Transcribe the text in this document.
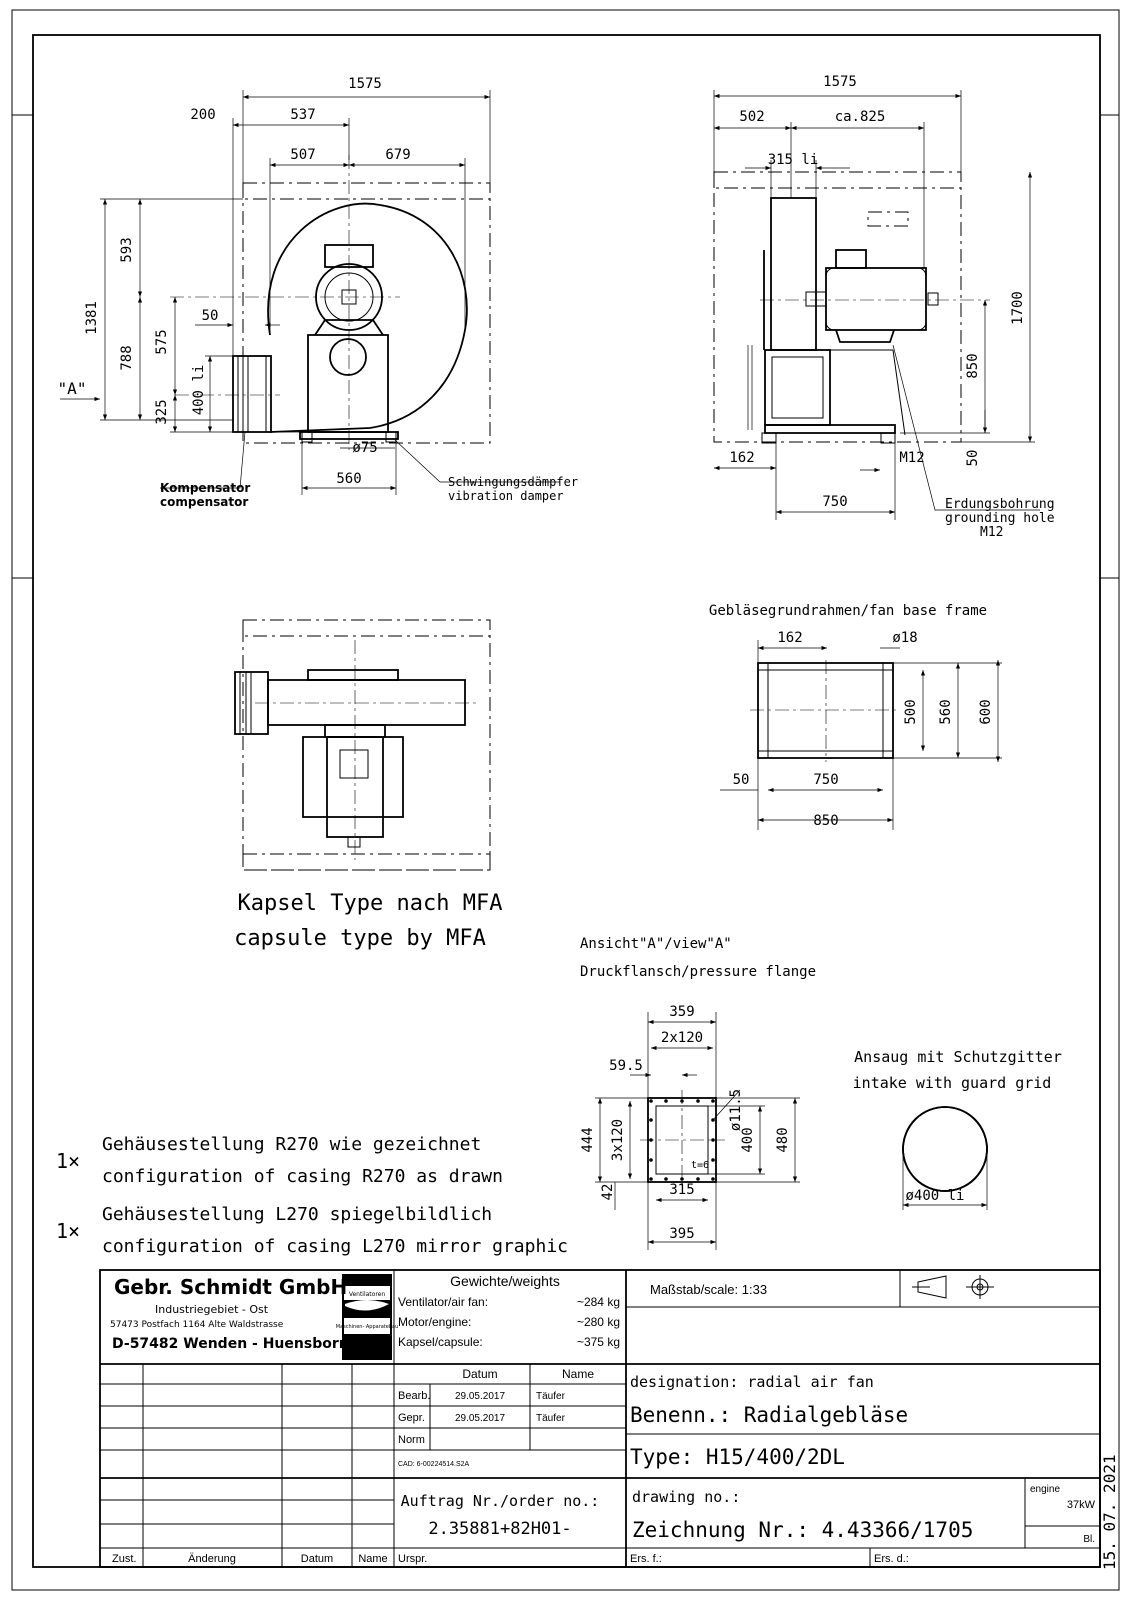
1575
200	537
507	679
593
1381
788
575
50
400 li
325
"A"
ø75
560
Kompensator
compensator
Schwingungsdämpfer
vibration damper
1575
502	ca.825
315 li
1700
850
50
162	M12
750	Erdungsbohrung
grounding hole
M12
Kapsel Type nach MFA
capsule type by MFA
Gebläsegrundrahmen/fan base frame
162	ø18
500 560 600
50	750
850
Ansicht"A"/view"A"
Druckflansch/pressure flange
359
2x120
59.5
ø11.5
444 3x120	400 480
42	315
t=6
395
Ansaug mit Schutzgitter
intake with guard grid
ø400 li
1×
Gehäusestellung R270 wie gezeichnet
configuration of casing R270 as drawn
1×
Gehäusestellung L270 spiegelbildlich
configuration of casing L270 mirror graphic
Ventilatoren
Maschinen- Apparatebau
Gebr. Schmidt GmbH
Industriegebiet - Ost
57473 Postfach 1164 Alte Waldstrasse
D-57482 Wenden - Huensborn
Gewichte/weights
Ventilator/air fan:	~284 kg
Motor/engine:	~280 kg
Kapsel/capsule:	~375 kg
Maßstab/scale: 1:33
Datum	Name
Bearb. 29.05.2017	Täufer
Gepr.	29.05.2017	Täufer
Norm
CAD: 6-00224514.S2A
designation: radial air fan
Benenn.: Radialgebläse
Type: H15/400/2DL
Auftrag Nr./order no.:
2.35881+82H01-
drawing no.:
Zeichnung Nr.: 4.43366/1705
engine
37kW
Bl.
Ers. f.:	Ers. d.:
Zust.	Änderung	Datum Name Urspr.	15. 07. 2021
